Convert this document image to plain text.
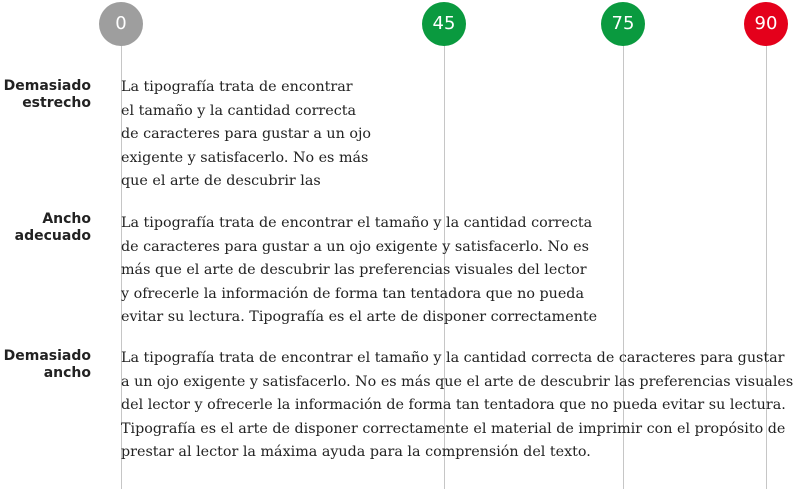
0	45	75	90
Demasiado
estrecho
La tipografía trata de encontrar
el tamaño y la cantidad correcta
de caracteres para gustar a un ojo
exigente y satisfacerlo. No es más
que el arte de descubrir las
Ancho
adecuado
La tipografía trata de encontrar el tamaño y la cantidad correcta
de caracteres para gustar a un ojo exigente y satisfacerlo. No es
más que el arte de descubrir las preferencias visuales del lector
y ofrecerle la información de forma tan tentadora que no pueda
evitar su lectura. Tipografía es el arte de disponer correctamente
Demasiado
ancho
La tipografía trata de encontrar el tamaño y la cantidad correcta de caracteres para gustar
a un ojo exigente y satisfacerlo. No es más que el arte de descubrir las preferencias visuales
del lector y ofrecerle la información de forma tan tentadora que no pueda evitar su lectura.
Tipografía es el arte de disponer correctamente el material de imprimir con el propósito de
prestar al lector la máxima ayuda para la comprensión del texto.
